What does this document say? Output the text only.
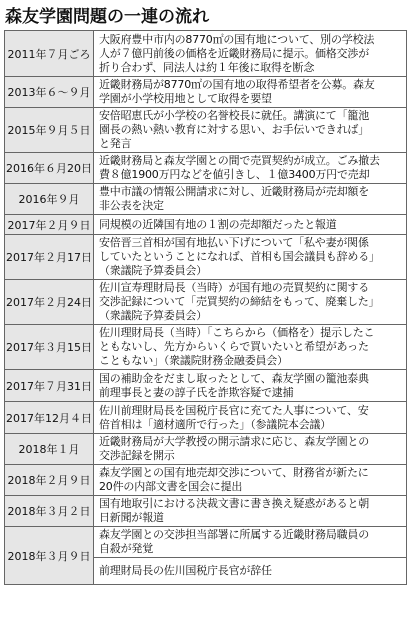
森友学園問題の一連の流れ
2011年７月ごろ	大阪府豊中市内の8770㎡の国有地について、別の学校法
人が７億円前後の価格を近畿財務局に提示。価格交渉が
折り合わず、同法人は約１年後に取得を断念

2013年６～９月	近畿財務局が8770㎡の国有地の取得希望者を公募。森友
学園が小学校用地として取得を要望

2015年９月５日	安倍昭恵氏が小学校の名誉校長に就任。講演にて「籠池
園長の熱い熱い教育に対する思い、お手伝いできれば」
と発言

2016年６月20日	近畿財務局と森友学園との間で売買契約が成立。ごみ撤去
費８億1900万円などを値引きし、１億3400万円で売却

2016年９月	豊中市議の情報公開請求に対し、近畿財務局が売却額を
非公表を決定

2017年２月９日	同規模の近隣国有地の１割の売却額だったと報道

2017年２月17日	安倍晋三首相が国有地払い下げについて「私や妻が関係
していたということになれば、首相も国会議員も辞める」
（衆議院予算委員会）

2017年２月24日	佐川宣寿理財局長（当時）が国有地の売買契約に関する
交渉記録について「売買契約の締結をもって、廃棄した」
（衆議院予算委員会）

2017年３月15日	佐川理財局長（当時）「こちらから（価格を）提示したこ
ともないし、先方からいくらで買いたいと希望があった
こともない」（衆議院財務金融委員会）

2017年７月31日	国の補助金をだまし取ったとして、森友学園の籠池泰典
前理事長と妻の諄子氏を詐欺容疑で逮捕

2017年12月４日	佐川前理財局長を国税庁長官に充てた人事について、安
倍首相は「適材適所で行った」（参議院本会議）

2018年１月	近畿財務局が大学教授の開示請求に応じ、森友学園との
交渉記録を開示

2018年２月９日	森友学園との国有地売却交渉について、財務省が新たに
20件の内部文書を国会に提出

2018年３月２日	国有地取引における決裁文書に書き換え疑惑があると朝
日新聞が報道

2018年３月９日	森友学園との交渉担当部署に所属する近畿財務局職員の
自殺が発覚

	前理財局長の佐川国税庁長官が辞任
